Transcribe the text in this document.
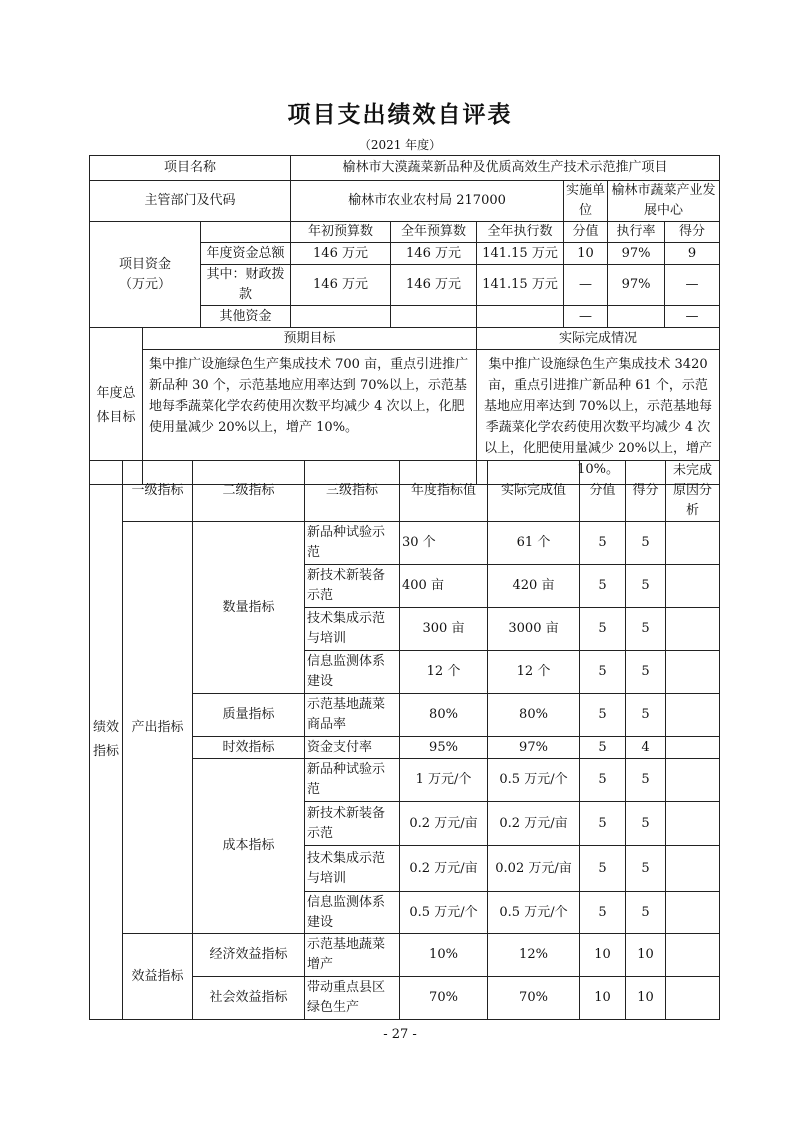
项目支出绩效自评表
（2021 年度）
项目名称			榆林市大漠蔬菜新品种及优质高效生产技术示范推广项目					
主管部门及代码			榆林市农业农村局 217000			实施单位	榆林市蔬菜产业发展中心	

项目资金
（万元）			年初预算数	全年预算数	全年执行数	分值	执行率	得分
		年度资金总额	146 万元	146 万元	141.15 万元	10	97%	9
		其中：财政拨款	146 万元	146 万元	141.15 万元	—	97%	—
		其他资金				—		—
年度总体目标	预期目标				实际完成情况			
	集中推广设施绿色生产集成技术 700 亩，重点引进推广新品种 30 个，示范基地应用率达到 70%以上，示范基地每季蔬菜化学农药使用次数平均减少 4 次以上，化肥使用量减少 20%以上，增产 10%。				集中推广设施绿色生产集成技术 3420 亩，重点引进推广新品种 61 个，示范基地应用率达到 70%以上，示范基地每季蔬菜化学农药使用次数平均减少 4 次以上，化肥使用量减少 20%以上，增产 10%。			
绩效指标	一级指标	二级指标	三级指标	年度指标值	实际完成值	分值	得分	未完成原因分析
	产出指标	数量指标	新品种试验示范	30 个	61 个	5	5	
			新技术新装备示范	400 亩	420 亩	5	5	
			技术集成示范与培训	300 亩	3000 亩	5	5	
			信息监测体系建设	12 个	12 个	5	5	
		质量指标	示范基地蔬菜商品率	80%	80%	5	5	
		时效指标	资金支付率	95%	97%	5	4	
		成本指标	新品种试验示范	1 万元/个	0.5 万元/个	5	5	
			新技术新装备示范	0.2 万元/亩	0.2 万元/亩	5	5	
			技术集成示范与培训	0.2 万元/亩	0.02 万元/亩	5	5	
			信息监测体系建设	0.5 万元/个	0.5 万元/个	5	5	
	效益指标	经济效益指标	示范基地蔬菜增产	10%	12%	10	10	
		社会效益指标	带动重点县区绿色生产	70%	70%	10	10	
- 27 -
